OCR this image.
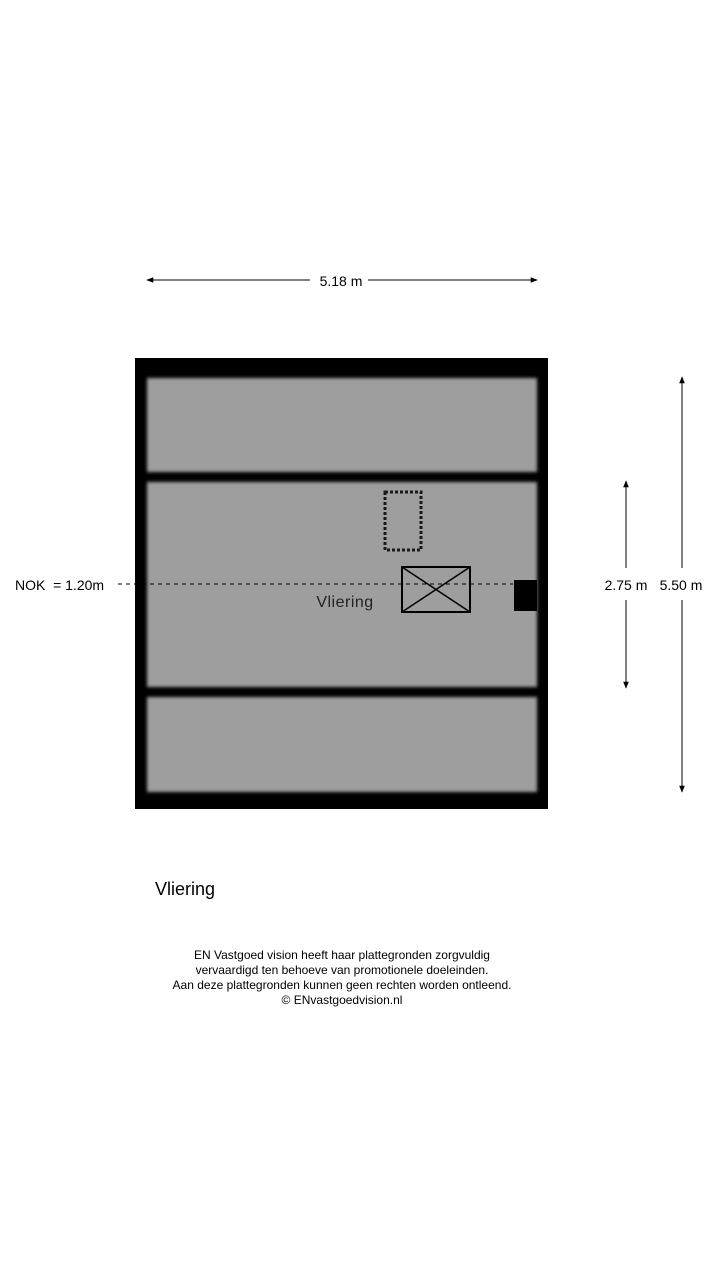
5.18 m
NOK  = 1.20m
Vliering
2.75 m 5.50 m
Vliering
EN Vastgoed vision heeft haar plattegronden zorgvuldig
vervaardigd ten behoeve van promotionele doeleinden.
Aan deze plattegronden kunnen geen rechten worden ontleend.
© ENvastgoedvision.nl
